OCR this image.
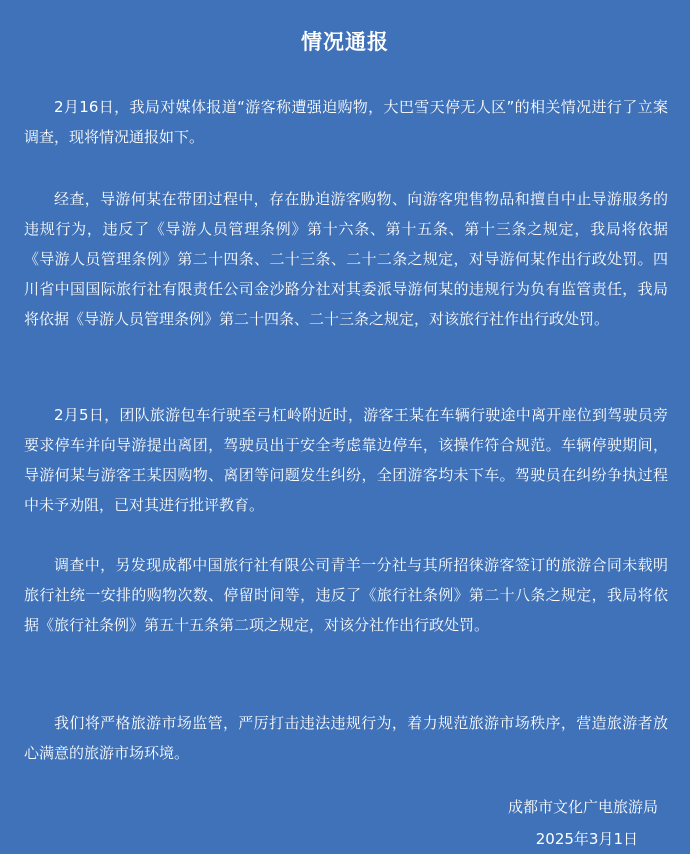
情况通报

2月16日，我局对媒体报道“游客称遭强迫购物，大巴雪天停无人区”的相关情况进行了立案调查，现将情况通报如下。

经查，导游何某在带团过程中，存在胁迫游客购物、向游客兜售物品和擅自中止导游服务的违规行为，违反了《导游人员管理条例》第十六条、第十五条、第十三条之规定，我局将依据《导游人员管理条例》第二十四条、二十三条、二十二条之规定，对导游何某作出行政处罚。四川省中国国际旅行社有限责任公司金沙路分社对其委派导游何某的违规行为负有监管责任，我局将依据《导游人员管理条例》第二十四条、二十三条之规定，对该旅行社作出行政处罚。

2月5日，团队旅游包车行驶至弓杠岭附近时，游客王某在车辆行驶途中离开座位到驾驶员旁要求停车并向导游提出离团，驾驶员出于安全考虑靠边停车，该操作符合规范。车辆停驶期间，导游何某与游客王某因购物、离团等问题发生纠纷，全团游客均未下车。驾驶员在纠纷争执过程中未予劝阻，已对其进行批评教育。

调查中，另发现成都中国旅行社有限公司青羊一分社与其所招徕游客签订的旅游合同未载明旅行社统一安排的购物次数、停留时间等，违反了《旅行社条例》第二十八条之规定，我局将依据《旅行社条例》第五十五条第二项之规定，对该分社作出行政处罚。

我们将严格旅游市场监管，严厉打击违法违规行为，着力规范旅游市场秩序，营造旅游者放心满意的旅游市场环境。

成都市文化广电旅游局
2025年3月1日
